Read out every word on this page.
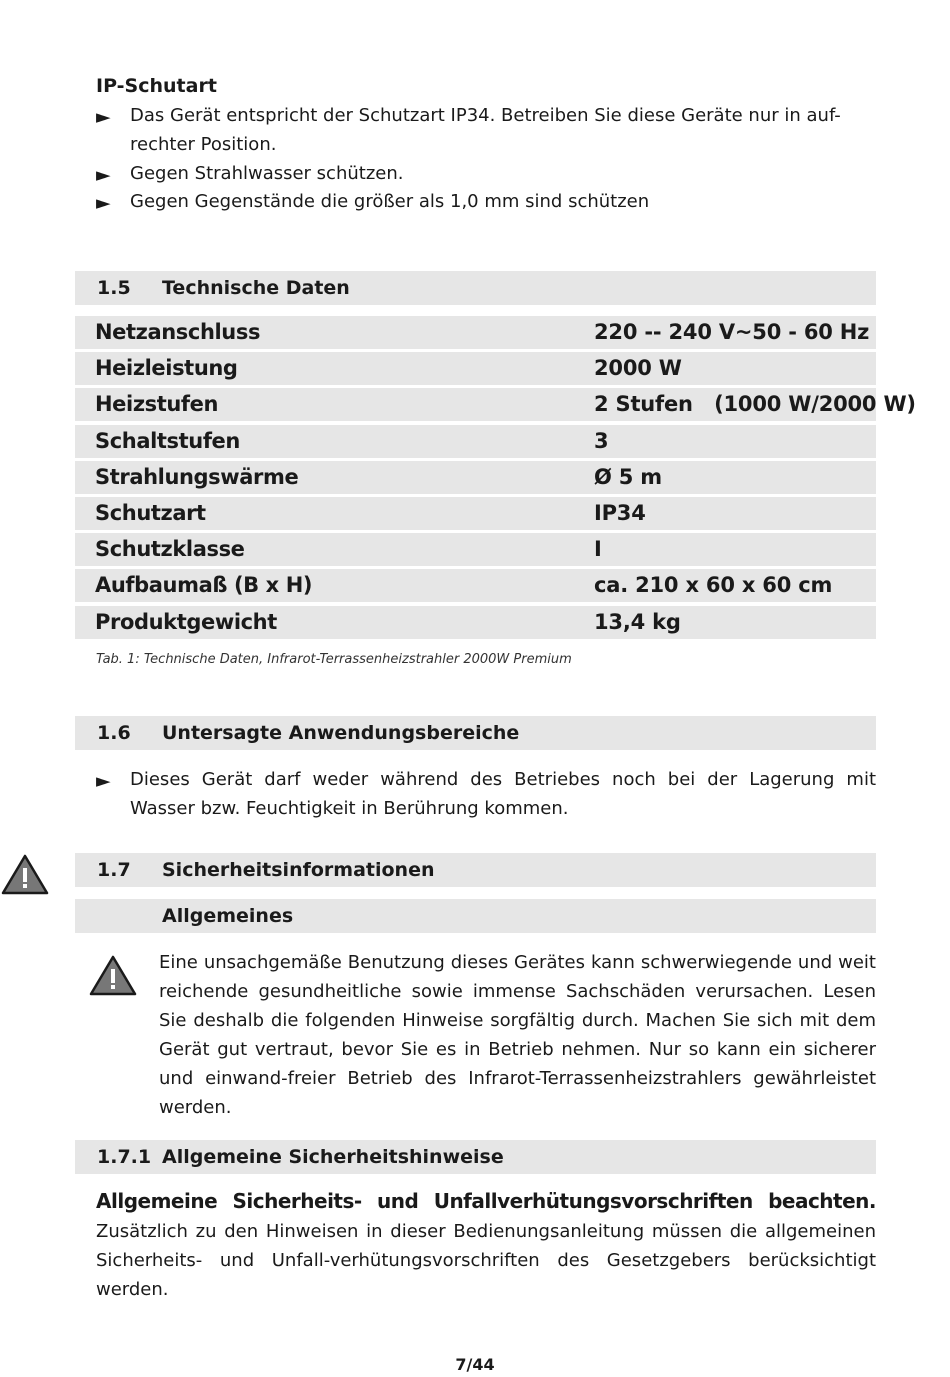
IP-Schutart
►	Das Gerät entspricht der Schutzart IP34. Betreiben Sie diese Geräte nur in auf-rechter Position.
►	Gegen Strahlwasser schützen.
►	Gegen Gegenstände die größer als 1,0 mm sind schützen
1.5 Technische Daten
Netzanschluss	220 -- 240 V~50 - 60 Hz
Heizleistung	2000 W
Heizstufen	2 Stufen   (1000 W/2000 W)
Schaltstufen	3
Strahlungswärme	Ø 5 m
Schutzart	IP34
Schutzklasse	I
Aufbaumaß (B x H)	ca. 210 x 60 x 60 cm
Produktgewicht	13,4 kg
Tab. 1: Technische Daten, Infrarot-Terrassenheizstrahler 2000W Premium
1.6 Untersagte Anwendungsbereiche
►	Dieses Gerät darf weder während des Betriebes noch bei der Lagerung mit Wasser bzw. Feuchtigkeit in Berührung kommen.
1.7 Sicherheitsinformationen
Allgemeines
Eine unsachgemäße Benutzung dieses Gerätes kann schwerwiegende und weit reichende gesundheitliche sowie immense Sachschäden verursachen. Lesen Sie deshalb die folgenden Hinweise sorgfältig durch. Machen Sie sich mit dem Gerät gut vertraut, bevor Sie es in Betrieb nehmen. Nur so kann ein sicherer und einwand-freier Betrieb des Infrarot-Terrassenheizstrahlers gewährleistet werden.
1.7.1 Allgemeine Sicherheitshinweise
Allgemeine Sicherheits- und Unfallverhütungsvorschriften beachten. Zusätzlich zu den Hinweisen in dieser Bedienungsanleitung müssen die allgemeinen Sicherheits- und Unfall-verhütungsvorschriften des Gesetzgebers berücksichtigt werden.
7/44
